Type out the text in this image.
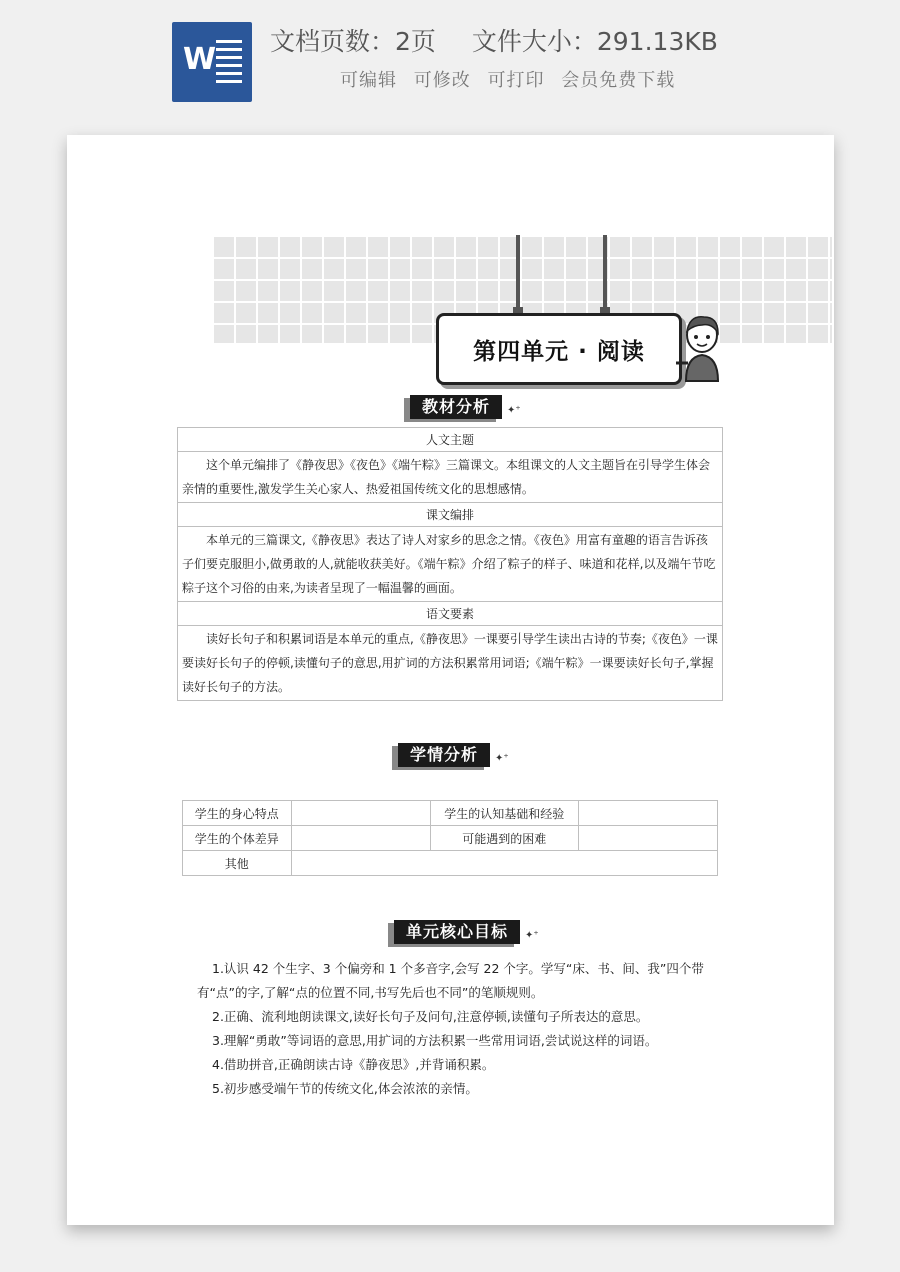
W
文档页数：2页 文件大小：291.13KB
可编辑 可修改 可打印 会员免费下载
第四单元 · 阅读
教材分析	✦⁺
人文主题
这个单元编排了《静夜思》《夜色》《端午粽》三篇课文。本组课文的人文主题旨在引导学生体会亲情的重要性,激发学生关心家人、热爱祖国传统文化的思想感情。
课文编排
本单元的三篇课文,《静夜思》表达了诗人对家乡的思念之情。《夜色》用富有童趣的语言告诉孩子们要克服胆小,做勇敢的人,就能收获美好。《端午粽》介绍了粽子的样子、味道和花样,以及端午节吃粽子这个习俗的由来,为读者呈现了一幅温馨的画面。
语文要素
读好长句子和积累词语是本单元的重点,《静夜思》一课要引导学生读出古诗的节奏;《夜色》一课要读好长句子的停顿,读懂句子的意思,用扩词的方法积累常用词语;《端午粽》一课要读好长句子,掌握读好长句子的方法。
学情分析	✦⁺
学生的身心特点		学生的认知基础和经验	
学生的个体差异		可能遇到的困难	
其他			
单元核心目标	✦⁺

1.认识 42 个生字、3 个偏旁和 1 个多音字,会写 22 个字。学写“床、书、间、我”四个带有“点”的字,了解“点的位置不同,书写先后也不同”的笔顺规则。

2.正确、流利地朗读课文,读好长句子及问句,注意停顿,读懂句子所表达的意思。

3.理解“勇敢”等词语的意思,用扩词的方法积累一些常用词语,尝试说这样的词语。

4.借助拼音,正确朗读古诗《静夜思》,并背诵积累。

5.初步感受端午节的传统文化,体会浓浓的亲情。
